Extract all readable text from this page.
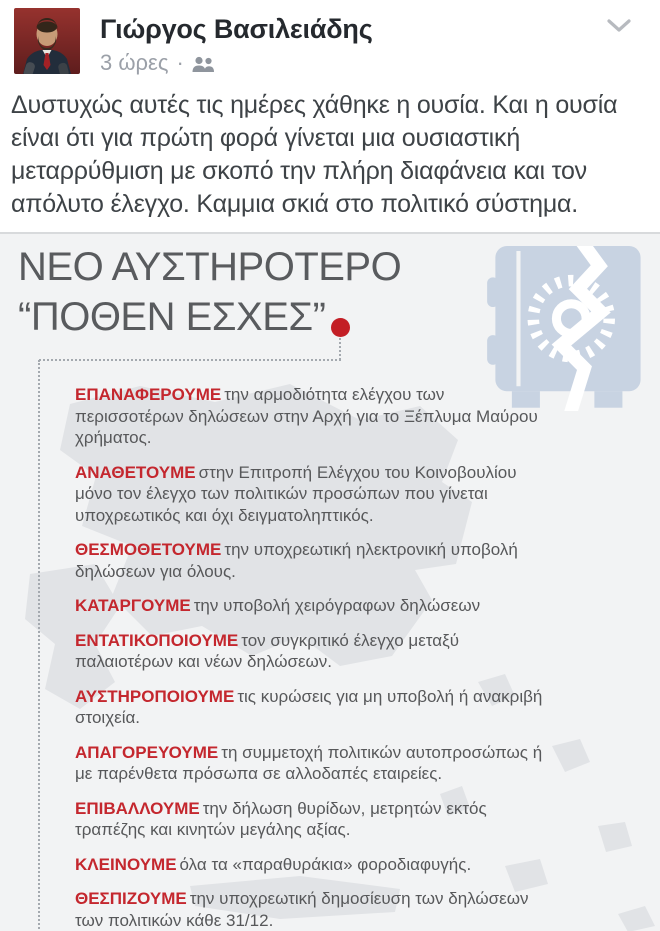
Γιώργος Βασιλειάδης
3 ώρες ·
Δυστυχώς αυτές τις ημέρες χάθηκε η ουσία. Και η ουσία είναι ότι για πρώτη φορά γίνεται μια ουσιαστική μεταρρύθμιση με σκοπό την πλήρη διαφάνεια και τον απόλυτο έλεγχο. Καμμια σκιά στο πολιτικό σύστημα.
ΝΕΟ ΑΥΣΤΗΡΟΤΕΡΟ
“ΠΟΘΕΝ ΕΣΧΕΣ”
ΕΠΑΝΑΦΕΡΟΥΜΕ την αρμοδιότητα ελέγχου των περισσοτέρων δηλώσεων στην Αρχή για το Ξέπλυμα Μαύρου χρήματος.
ΑΝΑΘΕΤΟΥΜΕ στην Επιτροπή Ελέγχου του Κοινοβουλίου μόνο τον έλεγχο των πολιτικών προσώπων που γίνεται υποχρεωτικός και όχι δειγματοληπτικός.
ΘΕΣΜΟΘΕΤΟΥΜΕ την υποχρεωτική ηλεκτρονική υποβολή δηλώσεων για όλους.
ΚΑΤΑΡΓΟΥΜΕ την υποβολή χειρόγραφων δηλώσεων
ΕΝΤΑΤΙΚΟΠΟΙΟΥΜΕ τον συγκριτικό έλεγχο μεταξύ παλαιοτέρων και νέων δηλώσεων.
ΑΥΣΤΗΡΟΠΟΙΟΥΜΕ τις κυρώσεις για μη υποβολή ή ανακριβή στοιχεία.
ΑΠΑΓΟΡΕΥΟΥΜΕ τη συμμετοχή πολιτικών αυτοπροσώπως ή με παρένθετα πρόσωπα σε αλλοδαπές εταιρείες.
ΕΠΙΒΑΛΛΟΥΜΕ την δήλωση θυρίδων, μετρητών εκτός τραπέζης και κινητών μεγάλης αξίας.
ΚΛΕΙΝΟΥΜΕ όλα τα «παραθυράκια» φοροδιαφυγής.
ΘΕΣΠΙΖΟΥΜΕ την υποχρεωτική δημοσίευση των δηλώσεων των πολιτικών κάθε 31/12.
